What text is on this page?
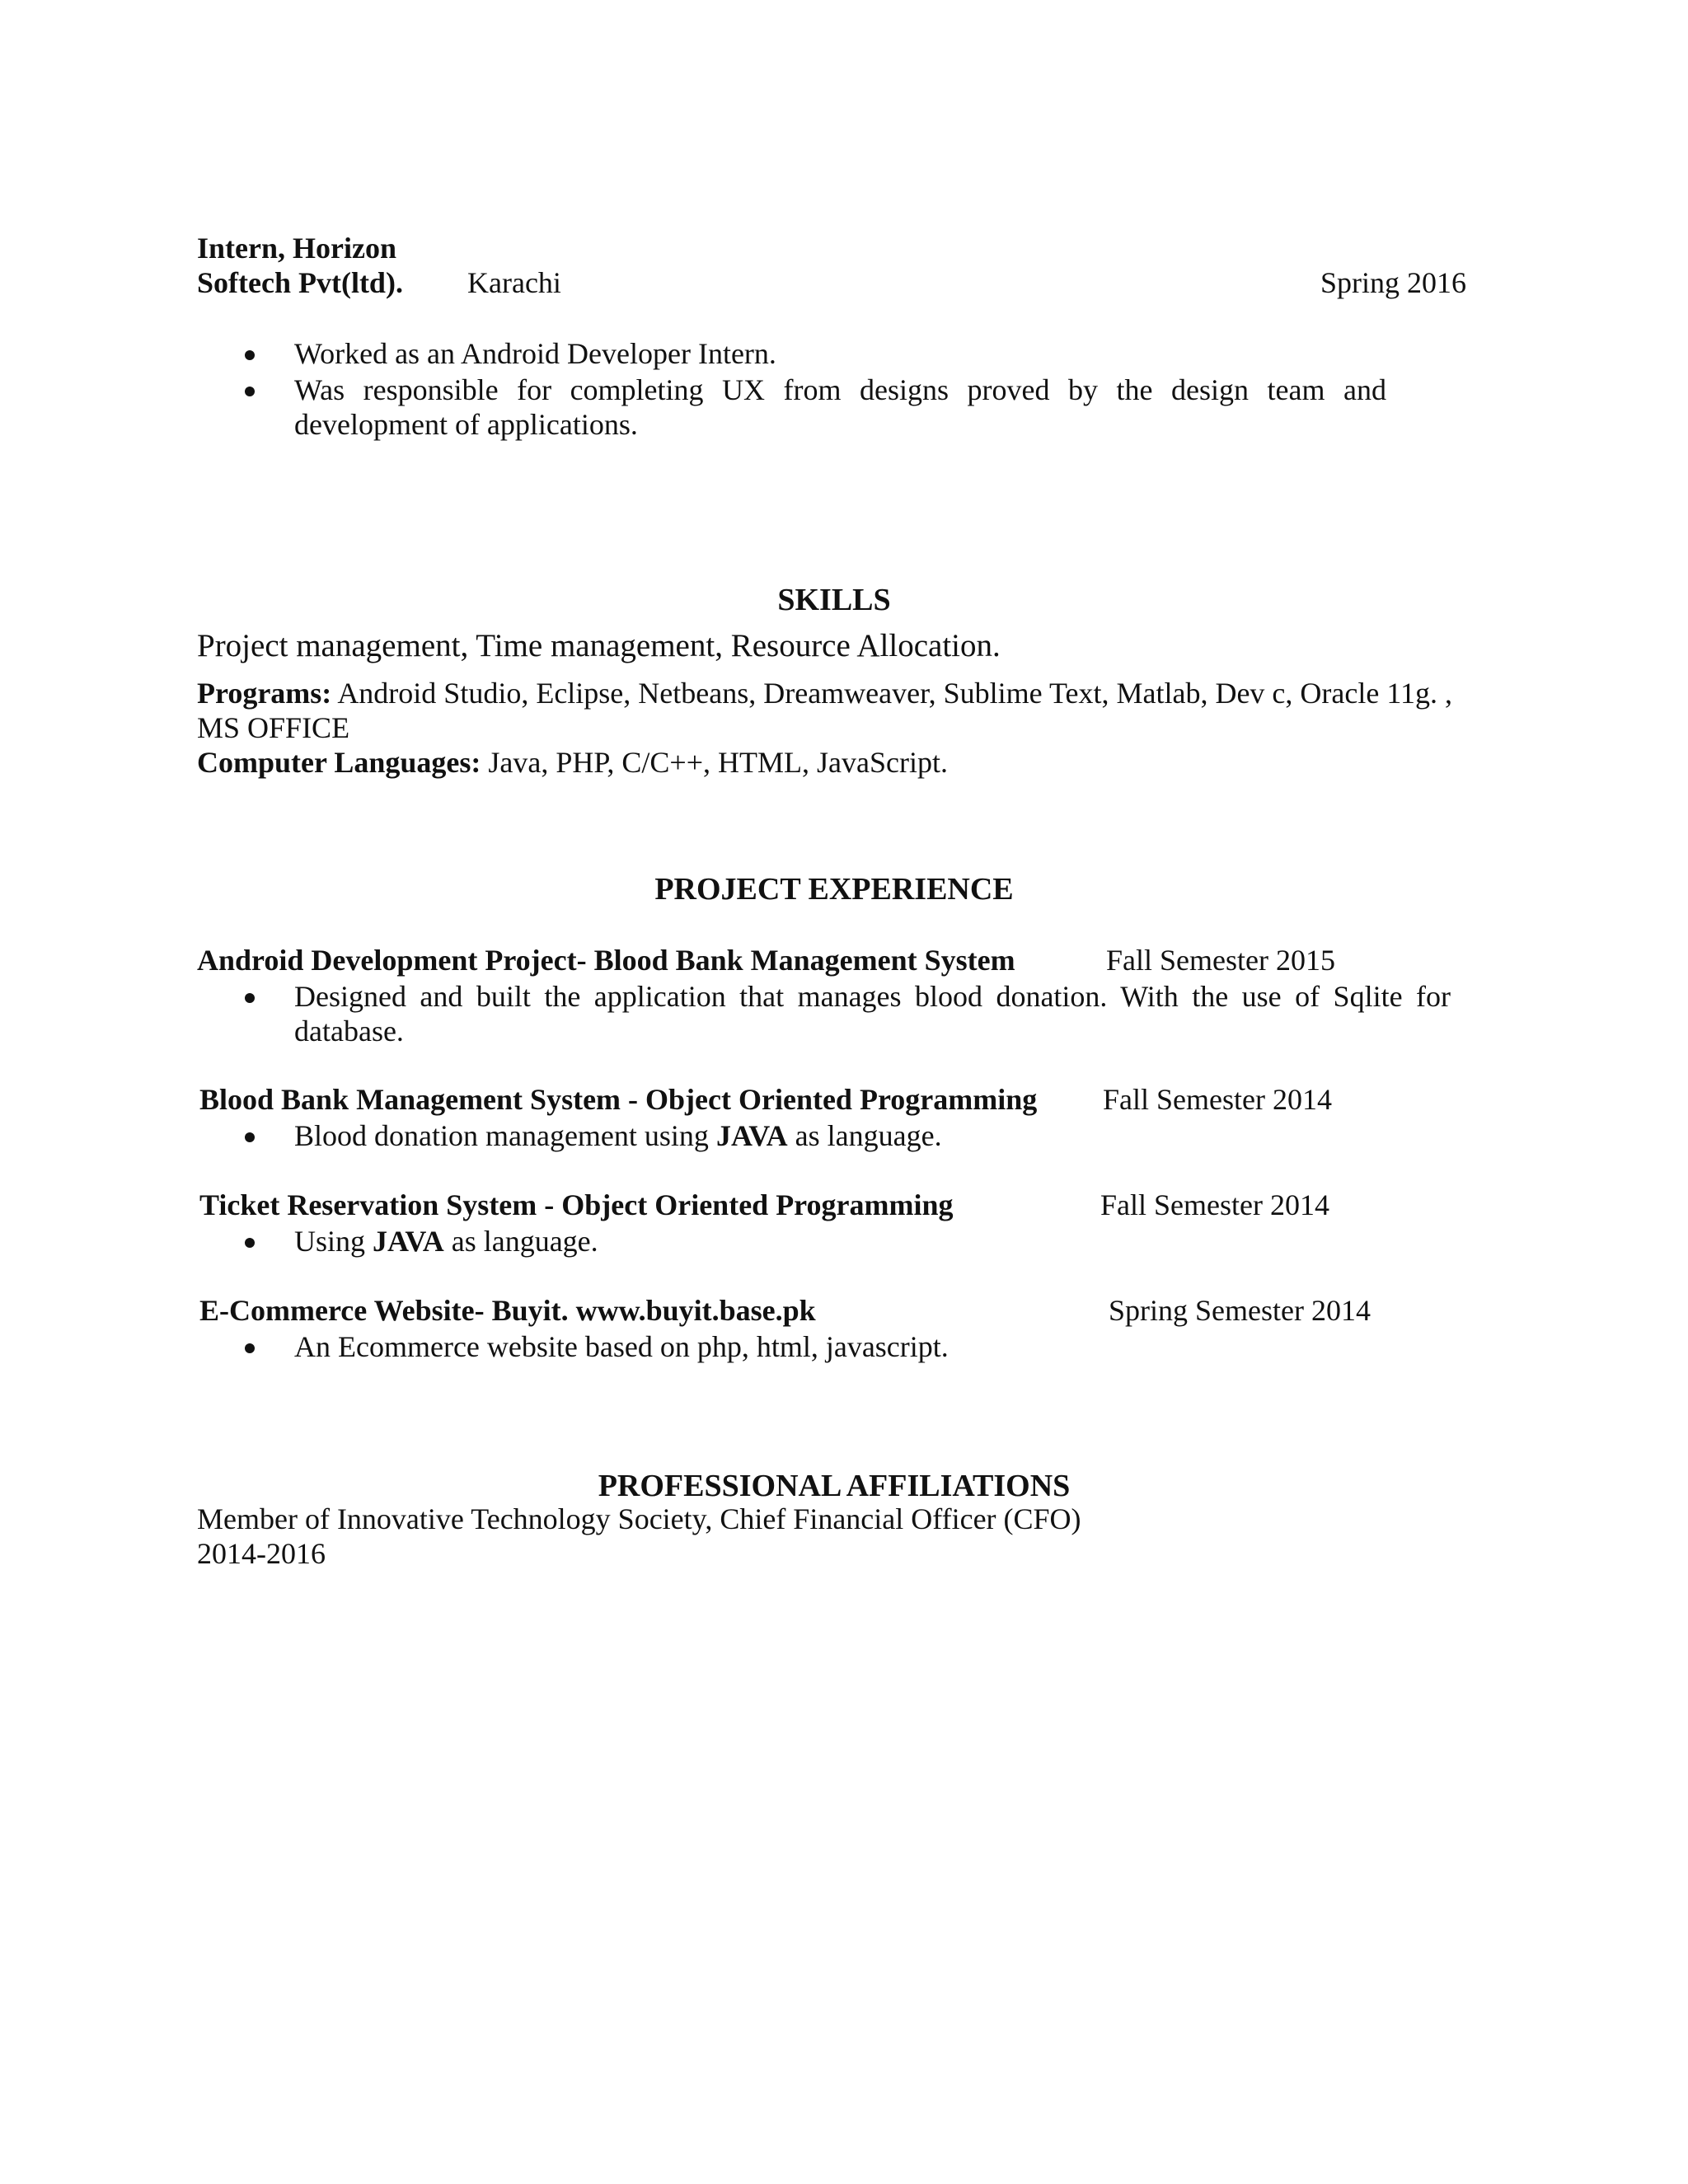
Intern, Horizon
Softech Pvt(ltd). Karachi	Spring 2016
Worked as an Android Developer Intern.
Was responsible for completing UX from designs proved by the design team and
development of applications.
SKILLS
Project management, Time management, Resource Allocation.
Programs: Android Studio, Eclipse, Netbeans, Dreamweaver, Sublime Text, Matlab, Dev c, Oracle 11g. ,
MS OFFICE
Computer Languages: Java, PHP, C/C++, HTML, JavaScript.
PROJECT EXPERIENCE
Android Development Project- Blood Bank Management System	Fall Semester 2015
Designed and built the application that manages blood donation. With the use of Sqlite for
database.
Blood Bank Management System - Object Oriented Programming Fall Semester 2014
Blood donation management using JAVA as language.
Ticket Reservation System - Object Oriented Programming	Fall Semester 2014
Using JAVA as language.
E-Commerce Website- Buyit. www.buyit.base.pk	Spring Semester 2014
An Ecommerce website based on php, html, javascript.
PROFESSIONAL AFFILIATIONS
Member of Innovative Technology Society, Chief Financial Officer (CFO)
2014-2016
